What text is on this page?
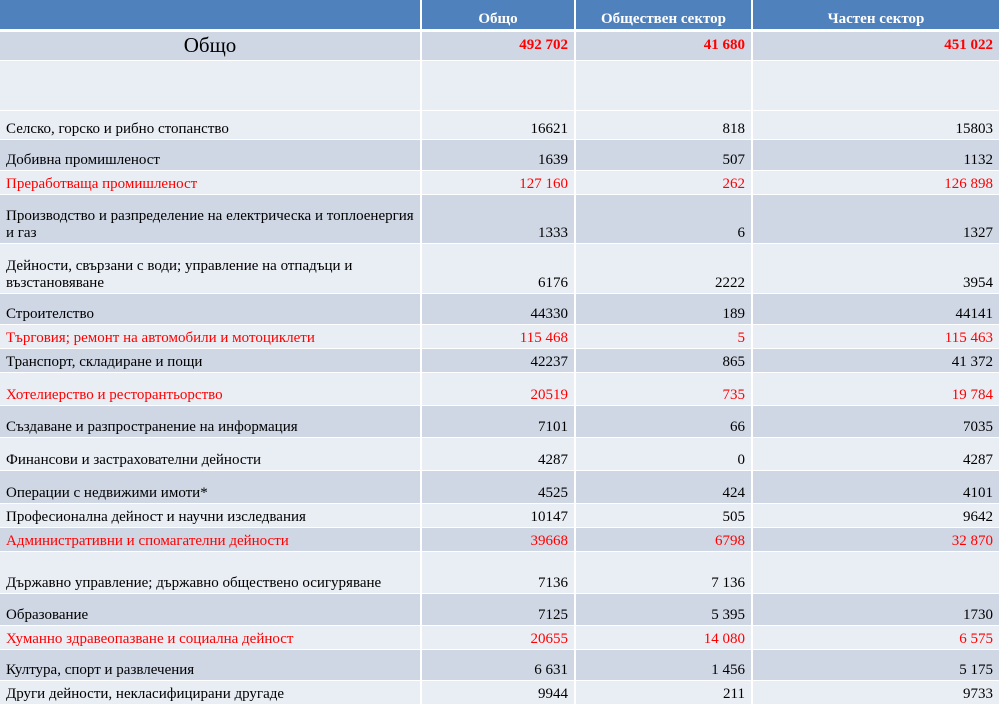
	Общо	Обществен сектор	Частен сектор
Общо	492 702	41 680	451 022

Селско, горско и рибно стопанство	16621	818	15803
Добивна промишленост	1639	507	1132
Преработваща промишленост	127 160	262	126 898
Производство и разпределение на електрическа и топлоенергия и газ	1333	6	1327
Дейности, свързани с води; управление на отпадъци и възстановяване	6176	2222	3954
Строителство	44330	189	44141
Търговия; ремонт на автомобили и мотоциклети	115 468	5	115 463
Транспорт, складиране и пощи	42237	865	41 372
Хотелиерство и ресторантьорство	20519	735	19 784
Създаване и разпространение на информация	7101	66	7035
Финансови и застрахователни дейности	4287	0	4287
Операции с недвижими имоти*	4525	424	4101
Професионална дейност и научни изследвания	10147	505	9642
Административни и спомагателни дейности	39668	6798	32 870
Държавно управление; държавно обществено осигуряване	7136	7 136	
Образование	7125	5 395	1730
Хуманно здравеопазване и социална дейност	20655	14 080	6 575
Култура, спорт и развлечения	6 631	1 456	5 175
Други дейности, некласифицирани другаде	9944	211	9733
